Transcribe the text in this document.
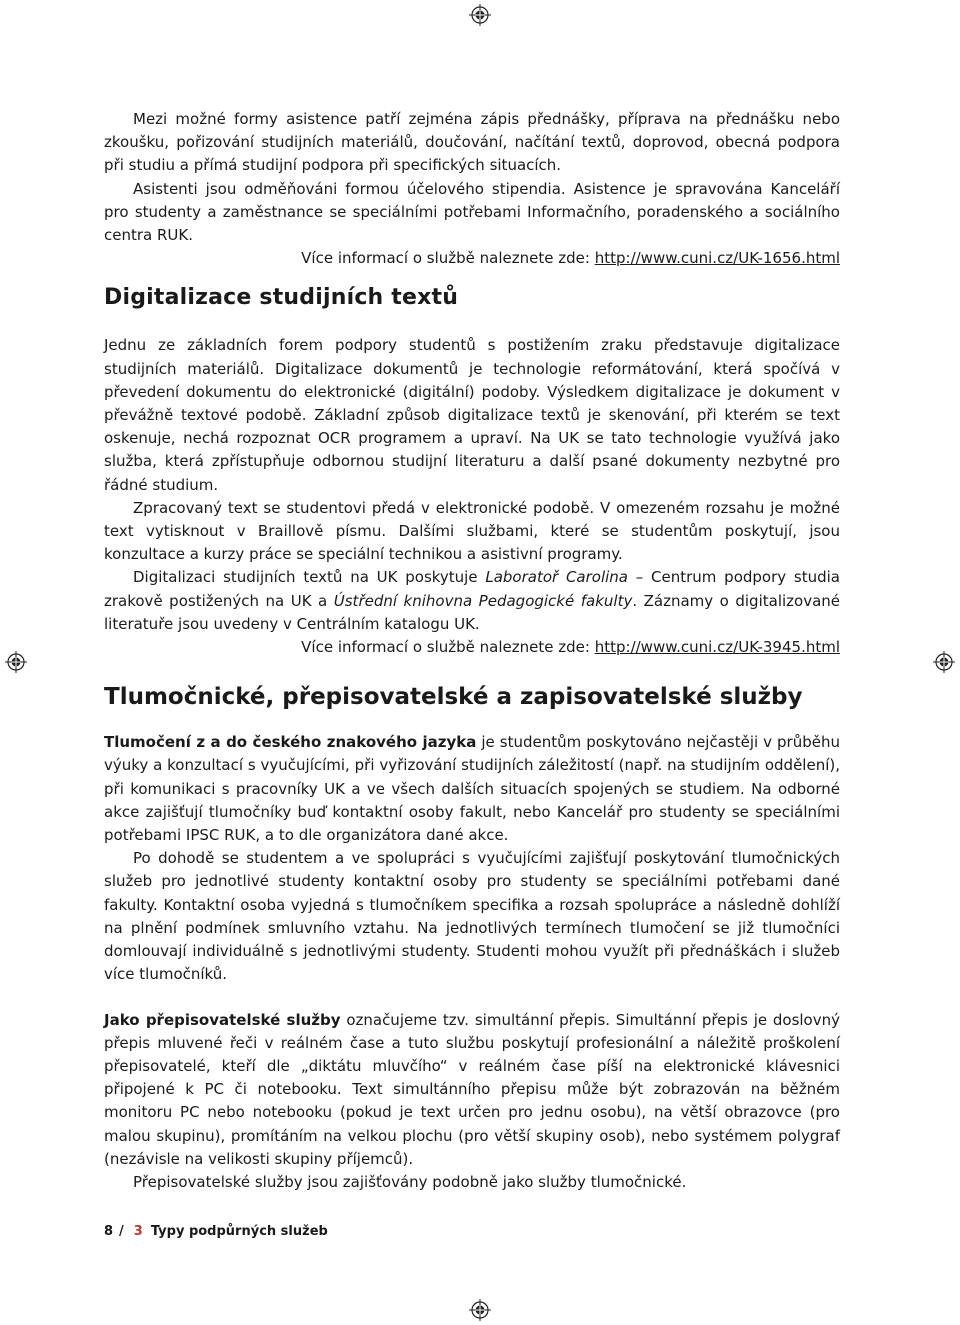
Mezi možné formy asistence patří zejména zápis přednášky, příprava na přednášku nebo zkoušku, pořizování studijních materiálů, doučování, načítání textů, doprovod, obecná podpora při studiu a přímá studijní podpora při specifických situacích.

Asistenti jsou odměňováni formou účelového stipendia. Asistence je spravována Kanceláří pro studenty a zaměstnance se speciálními potřebami Informačního, poradenského a sociálního centra RUK.

Více informací o službě naleznete zde: http://www.cuni.cz/UK-1656.html

Digitalizace studijních textů

Jednu ze základních forem podpory studentů s postižením zraku představuje digitalizace studijních materiálů. Digitalizace dokumentů je technologie reformátování, která spočívá v převedení dokumentu do elektronické (digitální) podoby. Výsledkem digitalizace je dokument v převážně textové podobě. Základní způsob digitalizace textů je skenování, při kterém se text oskenuje, nechá rozpoznat OCR programem a upraví. Na UK se tato technologie využívá jako služba, která zpřístupňuje odbornou studijní literaturu a další psané dokumenty nezbytné pro řádné studium.

Zpracovaný text se studentovi předá v elektronické podobě. V omezeném rozsahu je možné text vytisknout v Braillově písmu. Dalšími službami, které se studentům poskytují, jsou konzultace a kurzy práce se speciální technikou a asistivní programy.

Digitalizaci studijních textů na UK poskytuje Laboratoř Carolina – Centrum podpory studia zrakově postižených na UK a Ústřední knihovna Pedagogické fakulty. Záznamy o digitalizované literatuře jsou uvedeny v Centrálním katalogu UK.

Více informací o službě naleznete zde: http://www.cuni.cz/UK-3945.html

Tlumočnické, přepisovatelské a zapisovatelské služby

Tlumočení z a do českého znakového jazyka je studentům poskytováno nejčastěji v průběhu výuky a konzultací s vyučujícími, při vyřizování studijních záležitostí (např. na studijním oddělení), při komunikaci s pracovníky UK a ve všech dalších situacích spojených se studiem. Na odborné akce zajišťují tlumočníky buď kontaktní osoby fakult, nebo Kancelář pro studenty se speciálními potřebami IPSC RUK, a to dle organizátora dané akce.

Po dohodě se studentem a ve spolupráci s vyučujícími zajišťují poskytování tlumočnických služeb pro jednotlivé studenty kontaktní osoby pro studenty se speciálními potřebami dané fakulty. Kontaktní osoba vyjedná s tlumočníkem specifika a rozsah spolupráce a následně dohlíží na plnění podmínek smluvního vztahu. Na jednotlivých termínech tlumočení se již tlumočníci domlouvají individuálně s jednotlivými studenty. Studenti mohou využít při přednáškách i služeb více tlumočníků.

Jako přepisovatelské služby označujeme tzv. simultánní přepis. Simultánní přepis je doslovný přepis mluvené řeči v reálném čase a tuto službu poskytují profesionální a náležitě proškolení přepisovatelé, kteří dle „diktátu mluvčího“ v reálném čase píší na elektronické klávesnici připojené k PC či notebooku. Text simultánního přepisu může být zobrazován na běžném monitoru PC nebo notebooku (pokud je text určen pro jednu osobu), na větší obrazovce (pro malou skupinu), promítáním na velkou plochu (pro větší skupiny osob), nebo systémem polygraf (nezávisle na velikosti skupiny příjemců).

Přepisovatelské služby jsou zajišťovány podobně jako služby tlumočnické.

8 / 3 Typy podpůrných služeb
